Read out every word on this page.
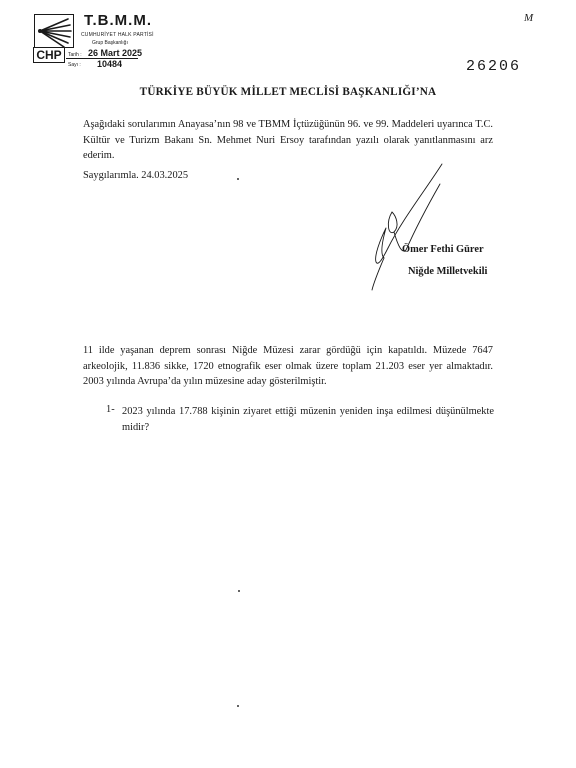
T.B.M.M.
CUMHURİYET HALK PARTİSİ
Grup Başkanlığı
CHP	Tarih : 26 Mart 2025
Sayı : 10484
M
26206
TÜRKİYE BÜYÜK MİLLET MECLİSİ BAŞKANLIĞI’NA
Aşağıdaki sorularımın Anayasa’nın 98 ve TBMM İçtüzüğünün 96. ve 99. Maddeleri uyarınca T.C. Kültür ve Turizm Bakanı Sn. Mehmet Nuri Ersoy tarafından yazılı olarak yanıtlanmasını arz ederim.
Saygılarımla. 24.03.2025
Ömer Fethi Gürer
Niğde Milletvekili
11 ilde yaşanan deprem sonrası Niğde Müzesi zarar gördüğü için kapatıldı. Müzede 7647 arkeolojik, 11.836 sikke, 1720 etnografik eser olmak üzere toplam 21.203 eser yer almaktadır. 2003 yılında Avrupa’da yılın müzesine aday gösterilmiştir.
1- 2023 yılında 17.788 kişinin ziyaret ettiği müzenin yeniden inşa edilmesi düşünülmekte midir?
